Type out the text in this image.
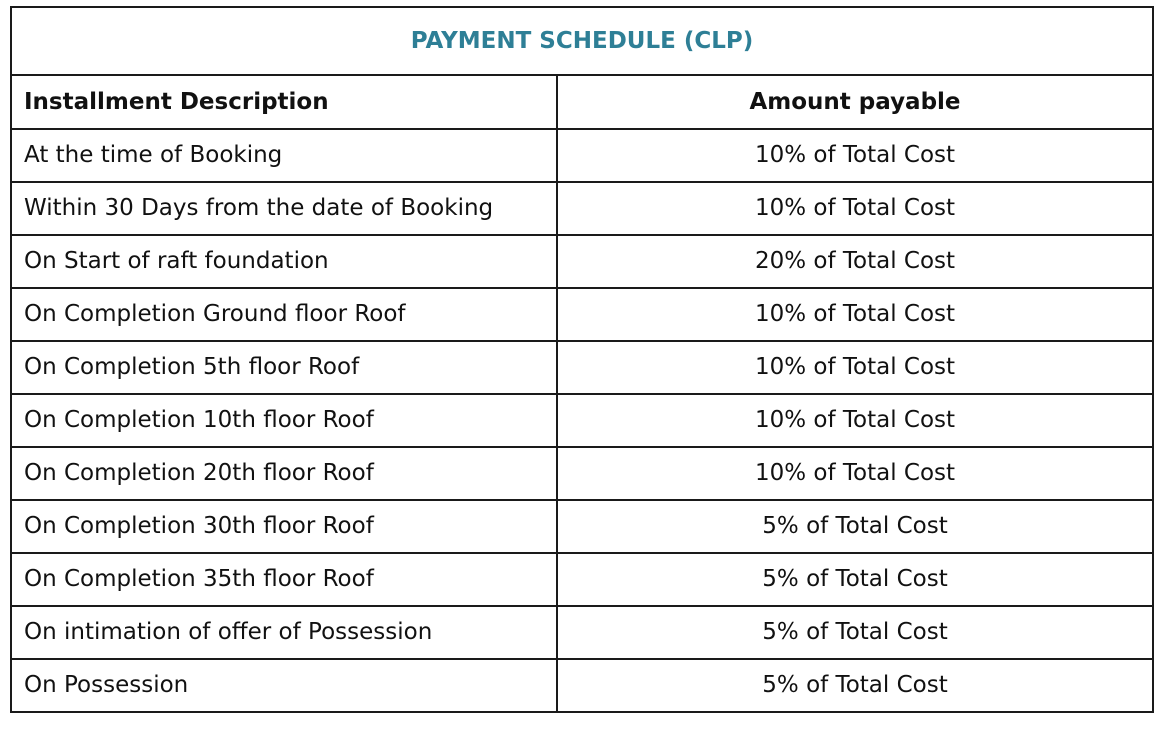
PAYMENT SCHEDULE (CLP)	
Installment Description	Amount payable
At the time of Booking	10% of Total Cost
Within 30 Days from the date of Booking	10% of Total Cost
On Start of raft foundation	20% of Total Cost
On Completion Ground floor Roof	10% of Total Cost
On Completion 5th floor Roof	10% of Total Cost
On Completion 10th floor Roof	10% of Total Cost
On Completion 20th floor Roof	10% of Total Cost
On Completion 30th floor Roof	5% of Total Cost
On Completion 35th floor Roof	5% of Total Cost
On intimation of offer of Possession	5% of Total Cost
On Possession	5% of Total Cost
